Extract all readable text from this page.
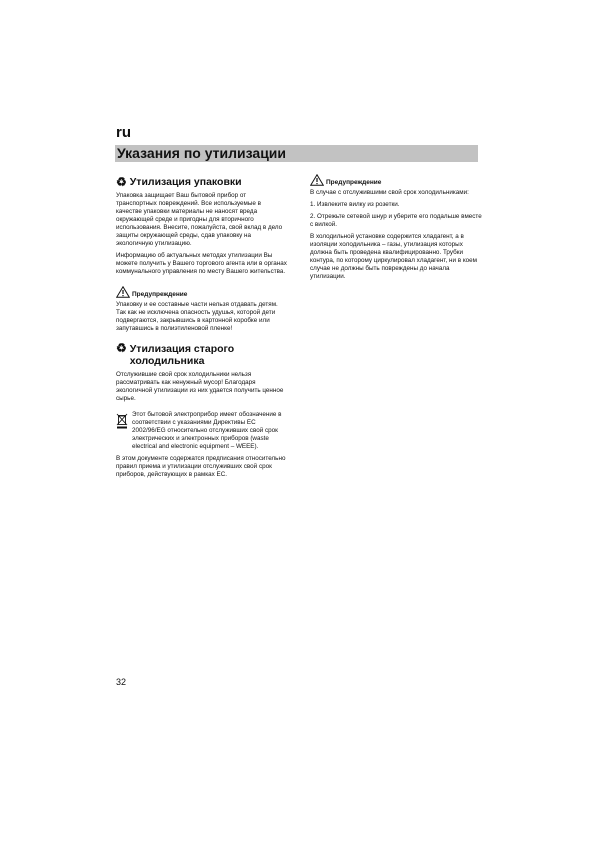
ru
Указания по утилизации
♻ Утилизация упаковки

Упаковка защищает Ваш бытовой прибор от транспортных повреждений. Все используемые в качестве упаковки материалы не наносят вреда окружающей среде и пригодны для вторичного использования. Внесите, пожалуйста, свой вклад в дело защиты окружающей среды, сдав упаковку на экологичную утилизацию.

Информацию об актуальных методах утилизации Вы можете получить у Вашего торгового агента или в органах коммунального управления по месту Вашего жительства.

Предупреждение

Упаковку и ее составные части нельзя отдавать детям. Так как не исключена опасность удушья, которой дети подвергаются, закрывшись в картонной коробке или запутавшись в полиэтиленовой пленке!

♻ Утилизация старого холодильника

Отслужившие свой срок холодильники нельзя рассматривать как ненужный мусор! Благодаря экологичной утилизации из них удается получить ценное сырье.

Этот бытовой электроприбор имеет обозначение в соответствии с указаниями Директивы ЕС 2002/96/EG относительно отслуживших свой срок электрических и электронных приборов (waste electrical and electronic equipment – WEEE).

В этом документе содержатся предписания относительно правил приема и утилизации отслуживших свой срок приборов, действующих в рамках ЕС.

Предупреждение

В случае с отслужившими свой срок холодильниками:

1. Извлеките вилку из розетки.

2. Отрежьте сетевой шнур и уберите его подальше вместе с вилкой.

В холодильной установке содержится хладагент, а в изоляции холодильника – газы, утилизация которых должна быть проведена квалифицированно. Трубки контура, по которому циркулировал хладагент, ни в коем случае не должны быть повреждены до начала утилизации.

32
